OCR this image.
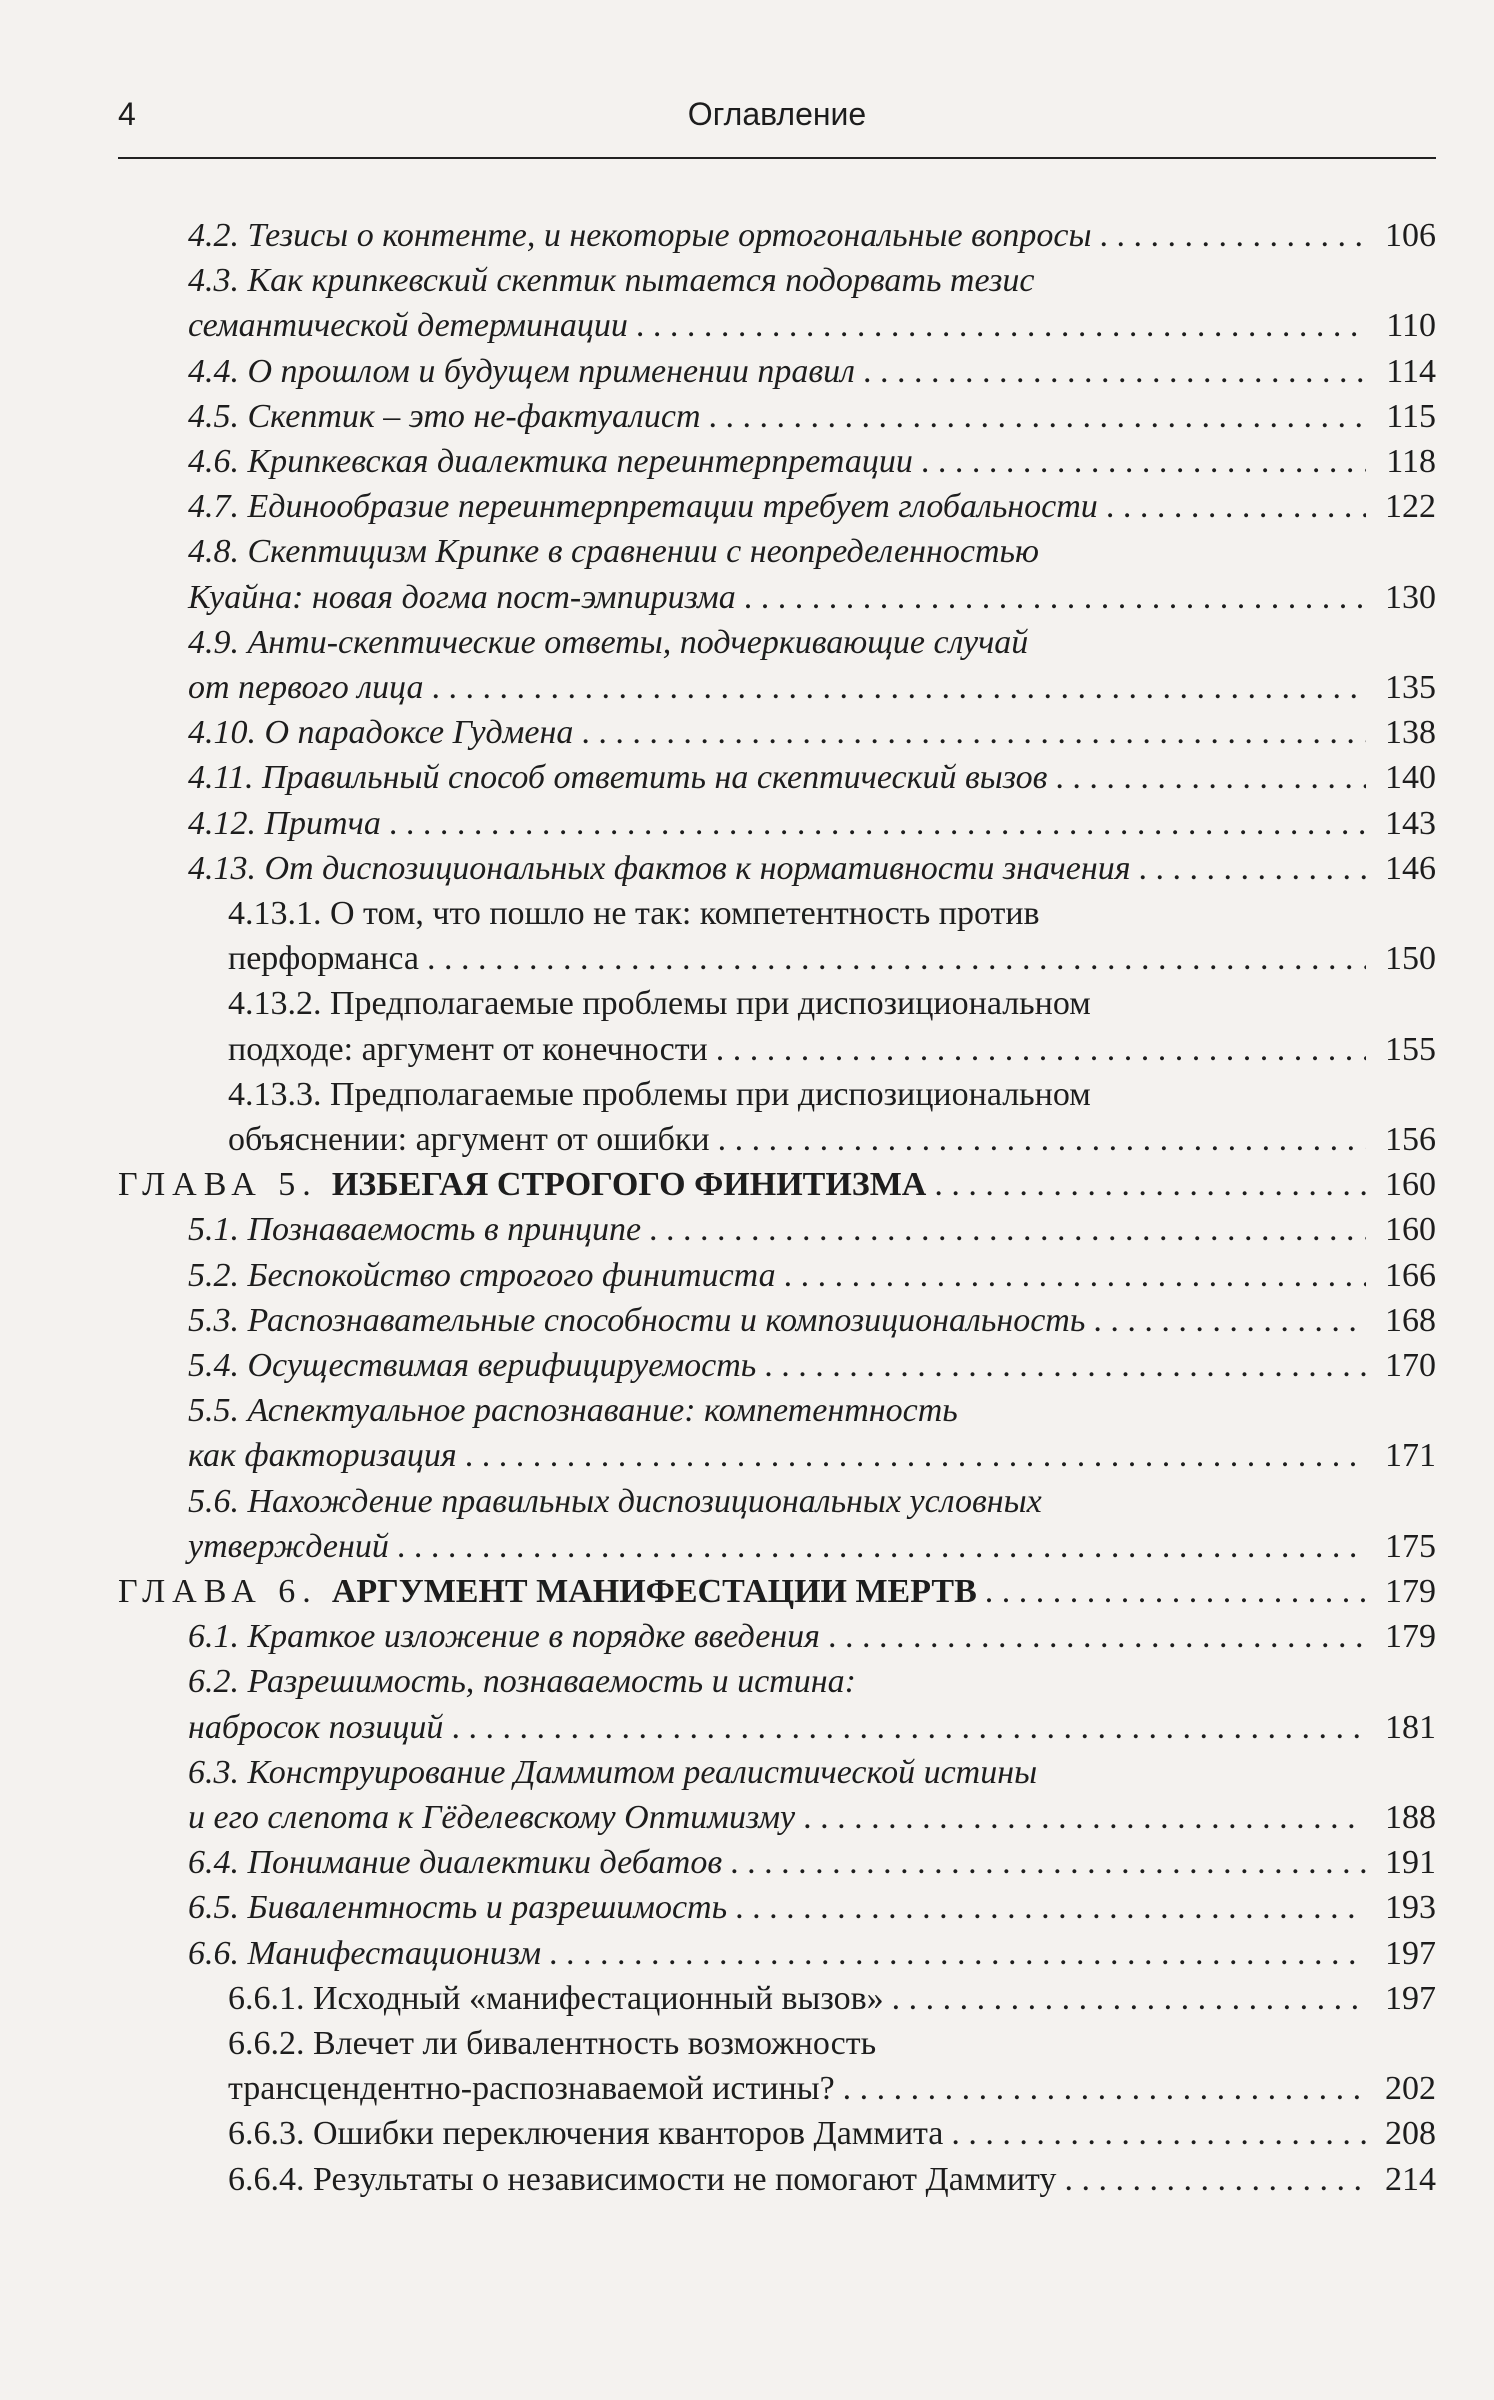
4	Оглавление
4.2. Тезисы о контенте, и некоторые ортогональные вопросы . . .	106
4.3. Как крипкевский скептик пытается подорвать тезис
семантической детерминации . . .	110
4.4. О прошлом и будущем применении правил . . .	114
4.5. Скептик – это не-фактуалист . . .	115
4.6. Крипкевская диалектика переинтерпретации . . .	118
4.7. Единообразие переинтерпретации требует глобальности . . .	122
4.8. Скептицизм Крипке в сравнении с неопределенностью
Куайна: новая догма пост-эмпиризма . . .	130
4.9. Анти-скептические ответы, подчеркивающие случай
от первого лица . . .	135
4.10. О парадоксе Гудмена . . .	138
4.11. Правильный способ ответить на скептический вызов . . .	140
4.12. Притча . . .	143
4.13. От диспозициональных фактов к нормативности значения . . .	146
4.13.1. О том, что пошло не так: компетентность против
перформанса . . .	150
4.13.2. Предполагаемые проблемы при диспозициональном
подходе: аргумент от конечности . . .	155
4.13.3. Предполагаемые проблемы при диспозициональном
объяснении: аргумент от ошибки . . .	156
ГЛАВА 5. ИЗБЕГАЯ СТРОГОГО ФИНИТИЗМА . . .	160
5.1. Познаваемость в принципе . . .	160
5.2. Беспокойство строгого финитиста . . .	166
5.3. Распознавательные способности и композициональность . . .	168
5.4. Осуществимая верифицируемость . . .	170
5.5. Аспектуальное распознавание: компетентность
как факторизация . . .	171
5.6. Нахождение правильных диспозициональных условных
утверждений . . .	175
ГЛАВА 6. АРГУМЕНТ МАНИФЕСТАЦИИ МЕРТВ . . .	179
6.1. Краткое изложение в порядке введения . . .	179
6.2. Разрешимость, познаваемость и истина:
набросок позиций . . .	181
6.3. Конструирование Даммитом реалистической истины
и его слепота к Гёделевскому Оптимизму . . .	188
6.4. Понимание диалектики дебатов . . .	191
6.5. Бивалентность и разрешимость . . .	193
6.6. Манифестационизм . . .	197
6.6.1. Исходный «манифестационный вызов» . . .	197
6.6.2. Влечет ли бивалентность возможность
трансцендентно-распознаваемой истины? . . .	202
6.6.3. Ошибки переключения кванторов Даммита . . .	208
6.6.4. Результаты о независимости не помогают Даммиту . . .	214
